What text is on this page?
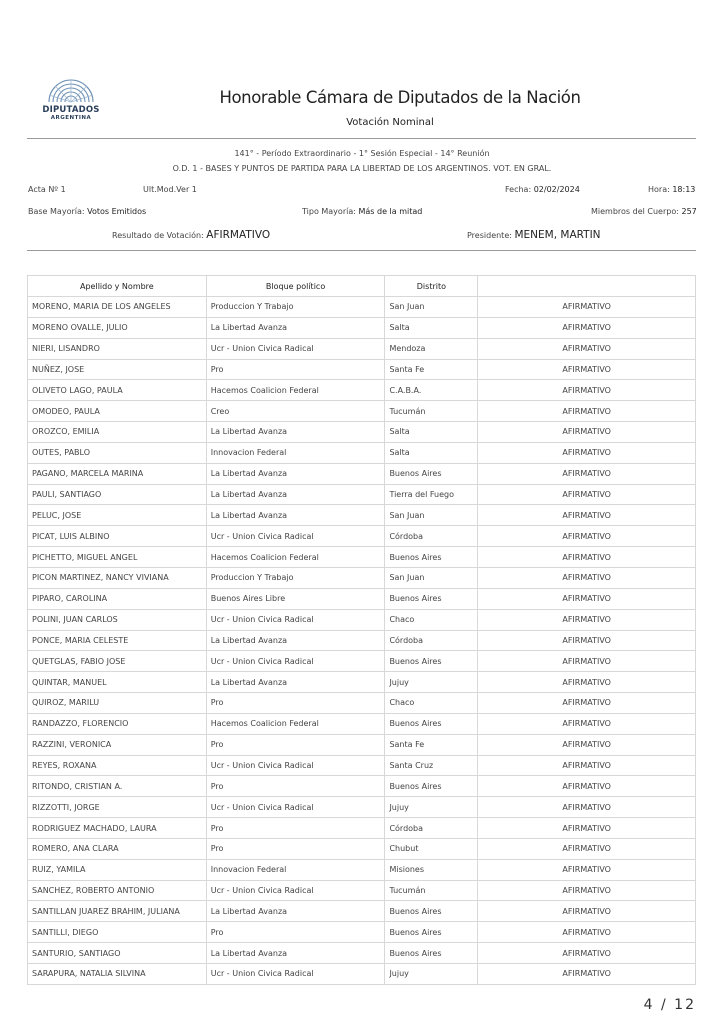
DIPUTADOS
ARGENTINA
Honorable Cámara de Diputados de la Nación
Votación Nominal
141° - Período Extraordinario - 1° Sesión Especial - 14° Reunión
O.D. 1 - BASES Y PUNTOS DE PARTIDA PARA LA LIBERTAD DE LOS ARGENTINOS. VOT. EN GRAL.
Acta Nº 1	Ult.Mod.Ver 1	Fecha: 02/02/2024	Hora: 18:13
Base Mayoría: Votos Emitidos	Tipo Mayoría: Más de la mitad	Miembros del Cuerpo: 257
Resultado de Votación: AFIRMATIVO	Presidente: MENEM, MARTIN
Apellido y Nombre	Bloque político	Distrito	
MORENO, MARIA DE LOS ANGELES	Produccion Y Trabajo	San Juan	AFIRMATIVO
MORENO OVALLE, JULIO	La Libertad Avanza	Salta	AFIRMATIVO
NIERI, LISANDRO	Ucr - Union Civica Radical	Mendoza	AFIRMATIVO
NUÑEZ, JOSE	Pro	Santa Fe	AFIRMATIVO
OLIVETO LAGO, PAULA	Hacemos Coalicion Federal	C.A.B.A.	AFIRMATIVO
OMODEO, PAULA	Creo	Tucumán	AFIRMATIVO
OROZCO, EMILIA	La Libertad Avanza	Salta	AFIRMATIVO
OUTES, PABLO	Innovacion Federal	Salta	AFIRMATIVO
PAGANO, MARCELA MARINA	La Libertad Avanza	Buenos Aires	AFIRMATIVO
PAULI, SANTIAGO	La Libertad Avanza	Tierra del Fuego	AFIRMATIVO
PELUC, JOSE	La Libertad Avanza	San Juan	AFIRMATIVO
PICAT, LUIS ALBINO	Ucr - Union Civica Radical	Córdoba	AFIRMATIVO
PICHETTO, MIGUEL ANGEL	Hacemos Coalicion Federal	Buenos Aires	AFIRMATIVO
PICON MARTINEZ, NANCY VIVIANA	Produccion Y Trabajo	San Juan	AFIRMATIVO
PIPARO, CAROLINA	Buenos Aires Libre	Buenos Aires	AFIRMATIVO
POLINI, JUAN CARLOS	Ucr - Union Civica Radical	Chaco	AFIRMATIVO
PONCE, MARIA CELESTE	La Libertad Avanza	Córdoba	AFIRMATIVO
QUETGLAS, FABIO JOSE	Ucr - Union Civica Radical	Buenos Aires	AFIRMATIVO
QUINTAR, MANUEL	La Libertad Avanza	Jujuy	AFIRMATIVO
QUIROZ, MARILU	Pro	Chaco	AFIRMATIVO
RANDAZZO, FLORENCIO	Hacemos Coalicion Federal	Buenos Aires	AFIRMATIVO
RAZZINI, VERONICA	Pro	Santa Fe	AFIRMATIVO
REYES, ROXANA	Ucr - Union Civica Radical	Santa Cruz	AFIRMATIVO
RITONDO, CRISTIAN A.	Pro	Buenos Aires	AFIRMATIVO
RIZZOTTI, JORGE	Ucr - Union Civica Radical	Jujuy	AFIRMATIVO
RODRIGUEZ MACHADO, LAURA	Pro	Córdoba	AFIRMATIVO
ROMERO, ANA CLARA	Pro	Chubut	AFIRMATIVO
RUIZ, YAMILA	Innovacion Federal	Misiones	AFIRMATIVO
SANCHEZ, ROBERTO ANTONIO	Ucr - Union Civica Radical	Tucumán	AFIRMATIVO
SANTILLAN JUAREZ BRAHIM, JULIANA	La Libertad Avanza	Buenos Aires	AFIRMATIVO
SANTILLI, DIEGO	Pro	Buenos Aires	AFIRMATIVO
SANTURIO, SANTIAGO	La Libertad Avanza	Buenos Aires	AFIRMATIVO
SARAPURA, NATALIA SILVINA	Ucr - Union Civica Radical	Jujuy	AFIRMATIVO
4 / 12
